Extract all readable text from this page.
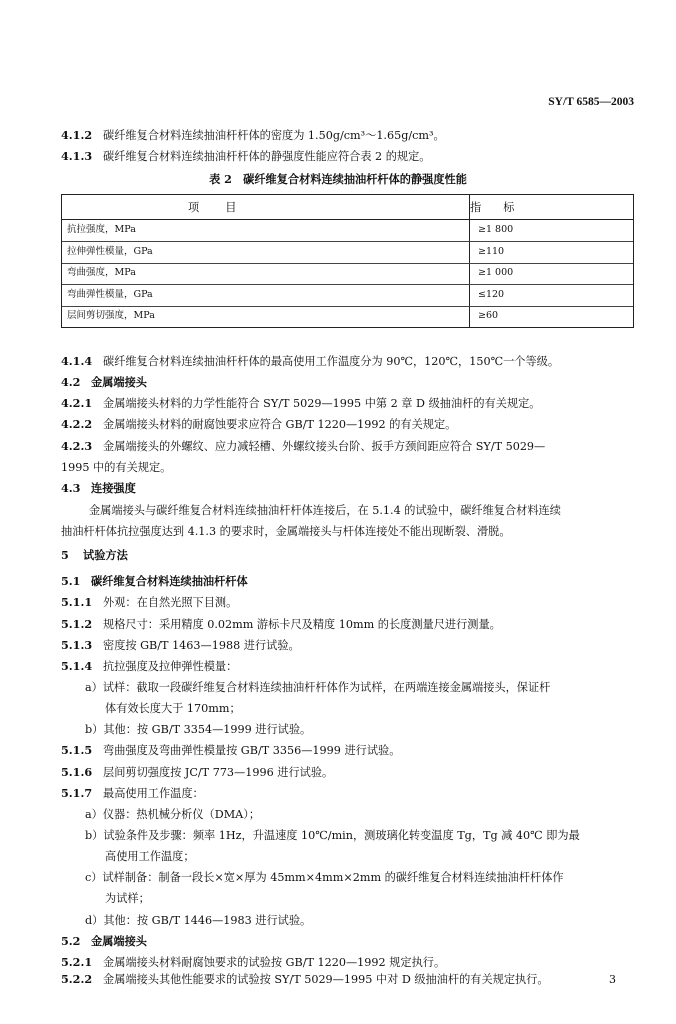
SY/T 6585—2003
4.1.2 碳纤维复合材料连续抽油杆杆体的密度为 1.50g/cm³～1.65g/cm³。
4.1.3 碳纤维复合材料连续抽油杆杆体的静强度性能应符合表 2 的规定。
表 2　碳纤维复合材料连续抽油杆杆体的静强度性能
项目	指标
抗拉强度，MPa	≥1 800
拉伸弹性模量，GPa	≥110
弯曲强度，MPa	≥1 000
弯曲弹性模量，GPa	≤120
层间剪切强度，MPa	≥60
4.1.4 碳纤维复合材料连续抽油杆杆体的最高使用工作温度分为 90℃，120℃，150℃一个等级。
4.2 金属端接头
4.2.1 金属端接头材料的力学性能符合 SY/T 5029—1995 中第 2 章 D 级抽油杆的有关规定。
4.2.2 金属端接头材料的耐腐蚀要求应符合 GB/T 1220—1992 的有关规定。
4.2.3 金属端接头的外螺纹、应力减轻槽、外螺纹接头台阶、扳手方颈间距应符合 SY/T 5029—
1995 中的有关规定。
4.3 连接强度
金属端接头与碳纤维复合材料连续抽油杆杆体连接后，在 5.1.4 的试验中，碳纤维复合材料连续
抽油杆杆体抗拉强度达到 4.1.3 的要求时，金属端接头与杆体连接处不能出现断裂、滑脱。
5 试验方法
5.1 碳纤维复合材料连续抽油杆杆体
5.1.1 外观：在自然光照下目测。
5.1.2 规格尺寸：采用精度 0.02mm 游标卡尺及精度 10mm 的长度测量尺进行测量。
5.1.3 密度按 GB/T 1463—1988 进行试验。
5.1.4 抗拉强度及拉伸弹性模量：
a）试样：截取一段碳纤维复合材料连续抽油杆杆体作为试样，在两端连接金属端接头，保证杆
体有效长度大于 170mm；
b）其他：按 GB/T 3354—1999 进行试验。
5.1.5 弯曲强度及弯曲弹性模量按 GB/T 3356—1999 进行试验。
5.1.6 层间剪切强度按 JC/T 773—1996 进行试验。
5.1.7 最高使用工作温度：
a）仪器：热机械分析仪（DMA）；
b）试验条件及步骤：频率 1Hz，升温速度 10℃/min，测玻璃化转变温度 Tg，Tg 减 40℃ 即为最
高使用工作温度；
c）试样制备：制备一段长×宽×厚为 45mm×4mm×2mm 的碳纤维复合材料连续抽油杆杆体作
为试样；
d）其他：按 GB/T 1446—1983 进行试验。
5.2 金属端接头
5.2.1 金属端接头材料耐腐蚀要求的试验按 GB/T 1220—1992 规定执行。
5.2.2 金属端接头其他性能要求的试验按 SY/T 5029—1995 中对 D 级抽油杆的有关规定执行。	3
